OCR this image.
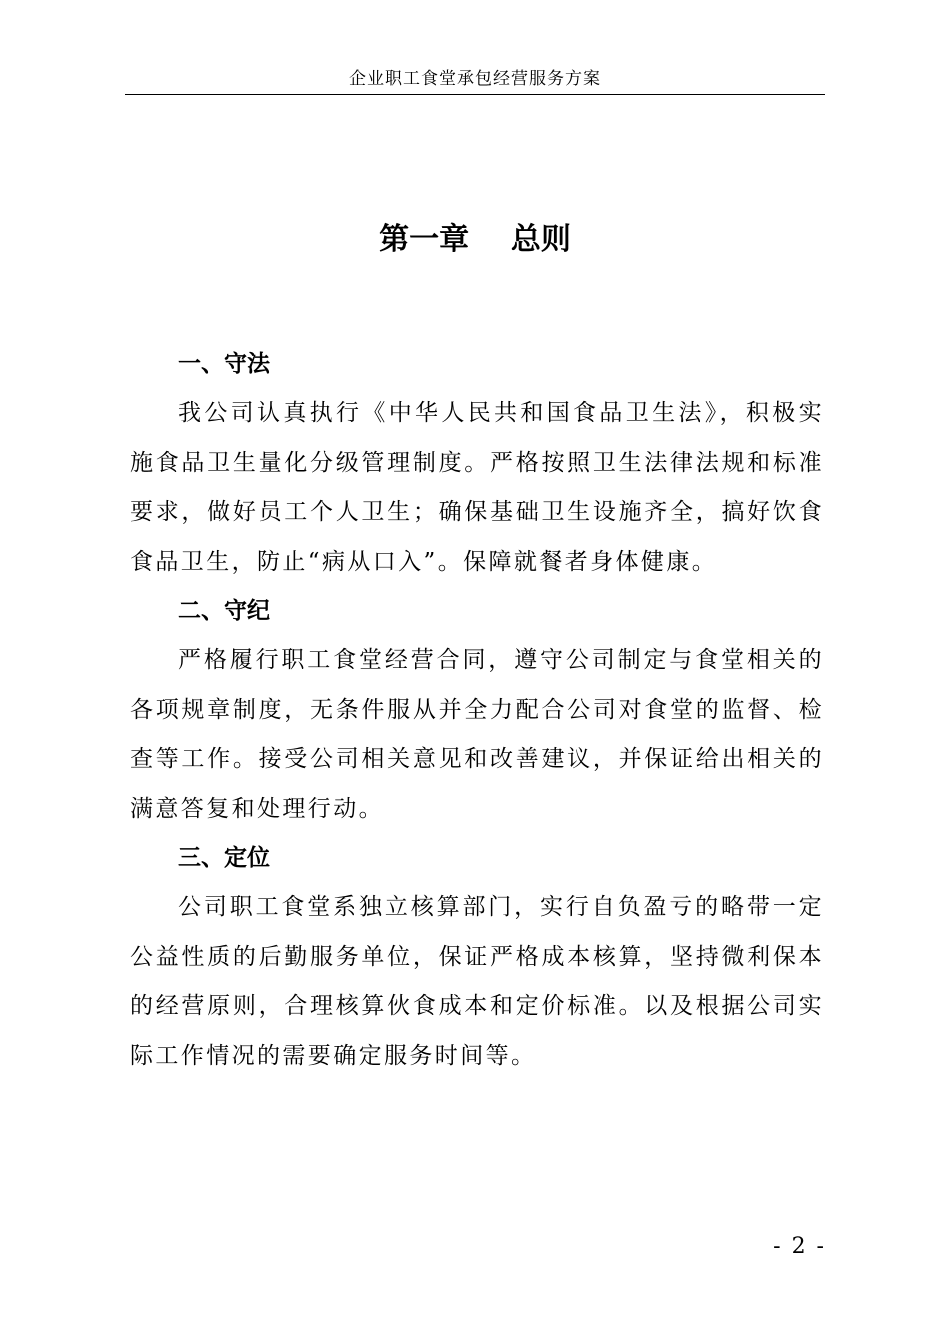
企业职工食堂承包经营服务方案
第一章    总则
一、守法

我公司认真执行《中华人民共和国食品卫生法》，积极实施食品卫生量化分级管理制度。严格按照卫生法律法规和标准要求，做好员工个人卫生；确保基础卫生设施齐全，搞好饮食食品卫生，防止“病从口入”。保障就餐者身体健康。

二、守纪

严格履行职工食堂经营合同，遵守公司制定与食堂相关的各项规章制度，无条件服从并全力配合公司对食堂的监督、检查等工作。接受公司相关意见和改善建议，并保证给出相关的满意答复和处理行动。

三、定位

公司职工食堂系独立核算部门，实行自负盈亏的略带一定公益性质的后勤服务单位，保证严格成本核算，坚持微利保本的经营原则，合理核算伙食成本和定价标准。以及根据公司实际工作情况的需要确定服务时间等。

- 2 -
